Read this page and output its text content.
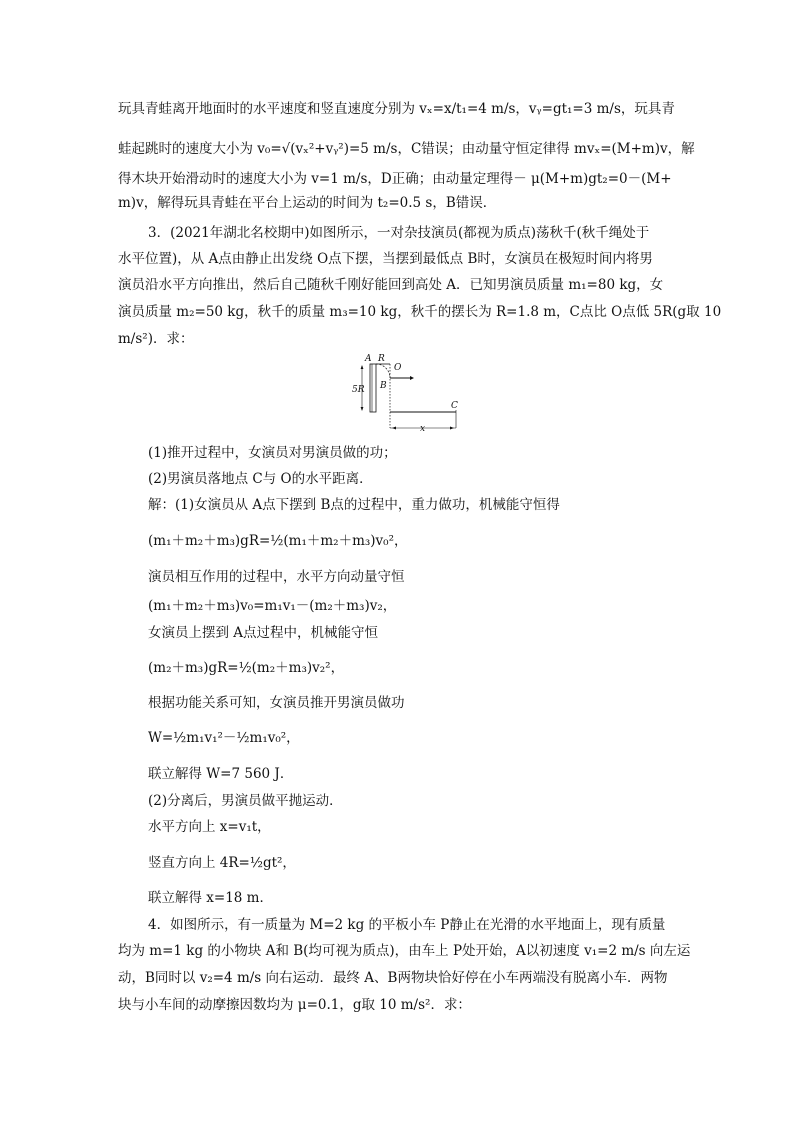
玩具青蛙离开地面时的水平速度和竖直速度分别为 vₓ=x/t₁=4 m/s，vᵧ=gt₁=3 m/s，玩具青
蛙起跳时的速度大小为 v₀=√(vₓ²+vᵧ²)=5 m/s，C错误；由动量守恒定律得 mvₓ=(M+m)v，解
得木块开始滑动时的速度大小为 v=1 m/s，D正确；由动量定理得－ μ(M+m)gt₂=0－(M+
m)v，解得玩具青蛙在平台上运动的时间为 t₂=0.5 s，B错误．
3．(2021年湖北名校期中)如图所示，一对杂技演员(都视为质点)荡秋千(秋千绳处于
水平位置)，从 A点由静止出发绕 O点下摆，当摆到最低点 B时，女演员在极短时间内将男
演员沿水平方向推出，然后自己随秋千刚好能回到高处 A．已知男演员质量 m₁=80 kg，女
演员质量 m₂=50 kg，秋千的质量 m₃=10 kg，秋千的摆长为 R=1.8 m，C点比 O点低 5R(g取 10
m/s²)．求：
A R
O
B
5R
C
x
(1)推开过程中，女演员对男演员做的功；
(2)男演员落地点 C与 O的水平距离．
解：(1)女演员从 A点下摆到 B点的过程中，重力做功，机械能守恒得
(m₁＋m₂＋m₃)gR=½(m₁＋m₂＋m₃)v₀²，
演员相互作用的过程中，水平方向动量守恒
(m₁＋m₂＋m₃)v₀=m₁v₁－(m₂＋m₃)v₂，
女演员上摆到 A点过程中，机械能守恒
(m₂＋m₃)gR=½(m₂＋m₃)v₂²，
根据功能关系可知，女演员推开男演员做功
W=½m₁v₁²－½m₁v₀²，
联立解得 W=7 560 J．
(2)分离后，男演员做平抛运动．
水平方向上 x=v₁t，
竖直方向上 4R=½gt²，
联立解得 x=18 m．
4．如图所示，有一质量为 M=2 kg 的平板小车 P静止在光滑的水平地面上，现有质量
均为 m=1 kg 的小物块 A和 B(均可视为质点)，由车上 P处开始，A以初速度 v₁=2 m/s 向左运
动，B同时以 v₂=4 m/s 向右运动．最终 A、B两物块恰好停在小车两端没有脱离小车．两物
块与小车间的动摩擦因数均为 μ=0.1，g取 10 m/s²．求：
